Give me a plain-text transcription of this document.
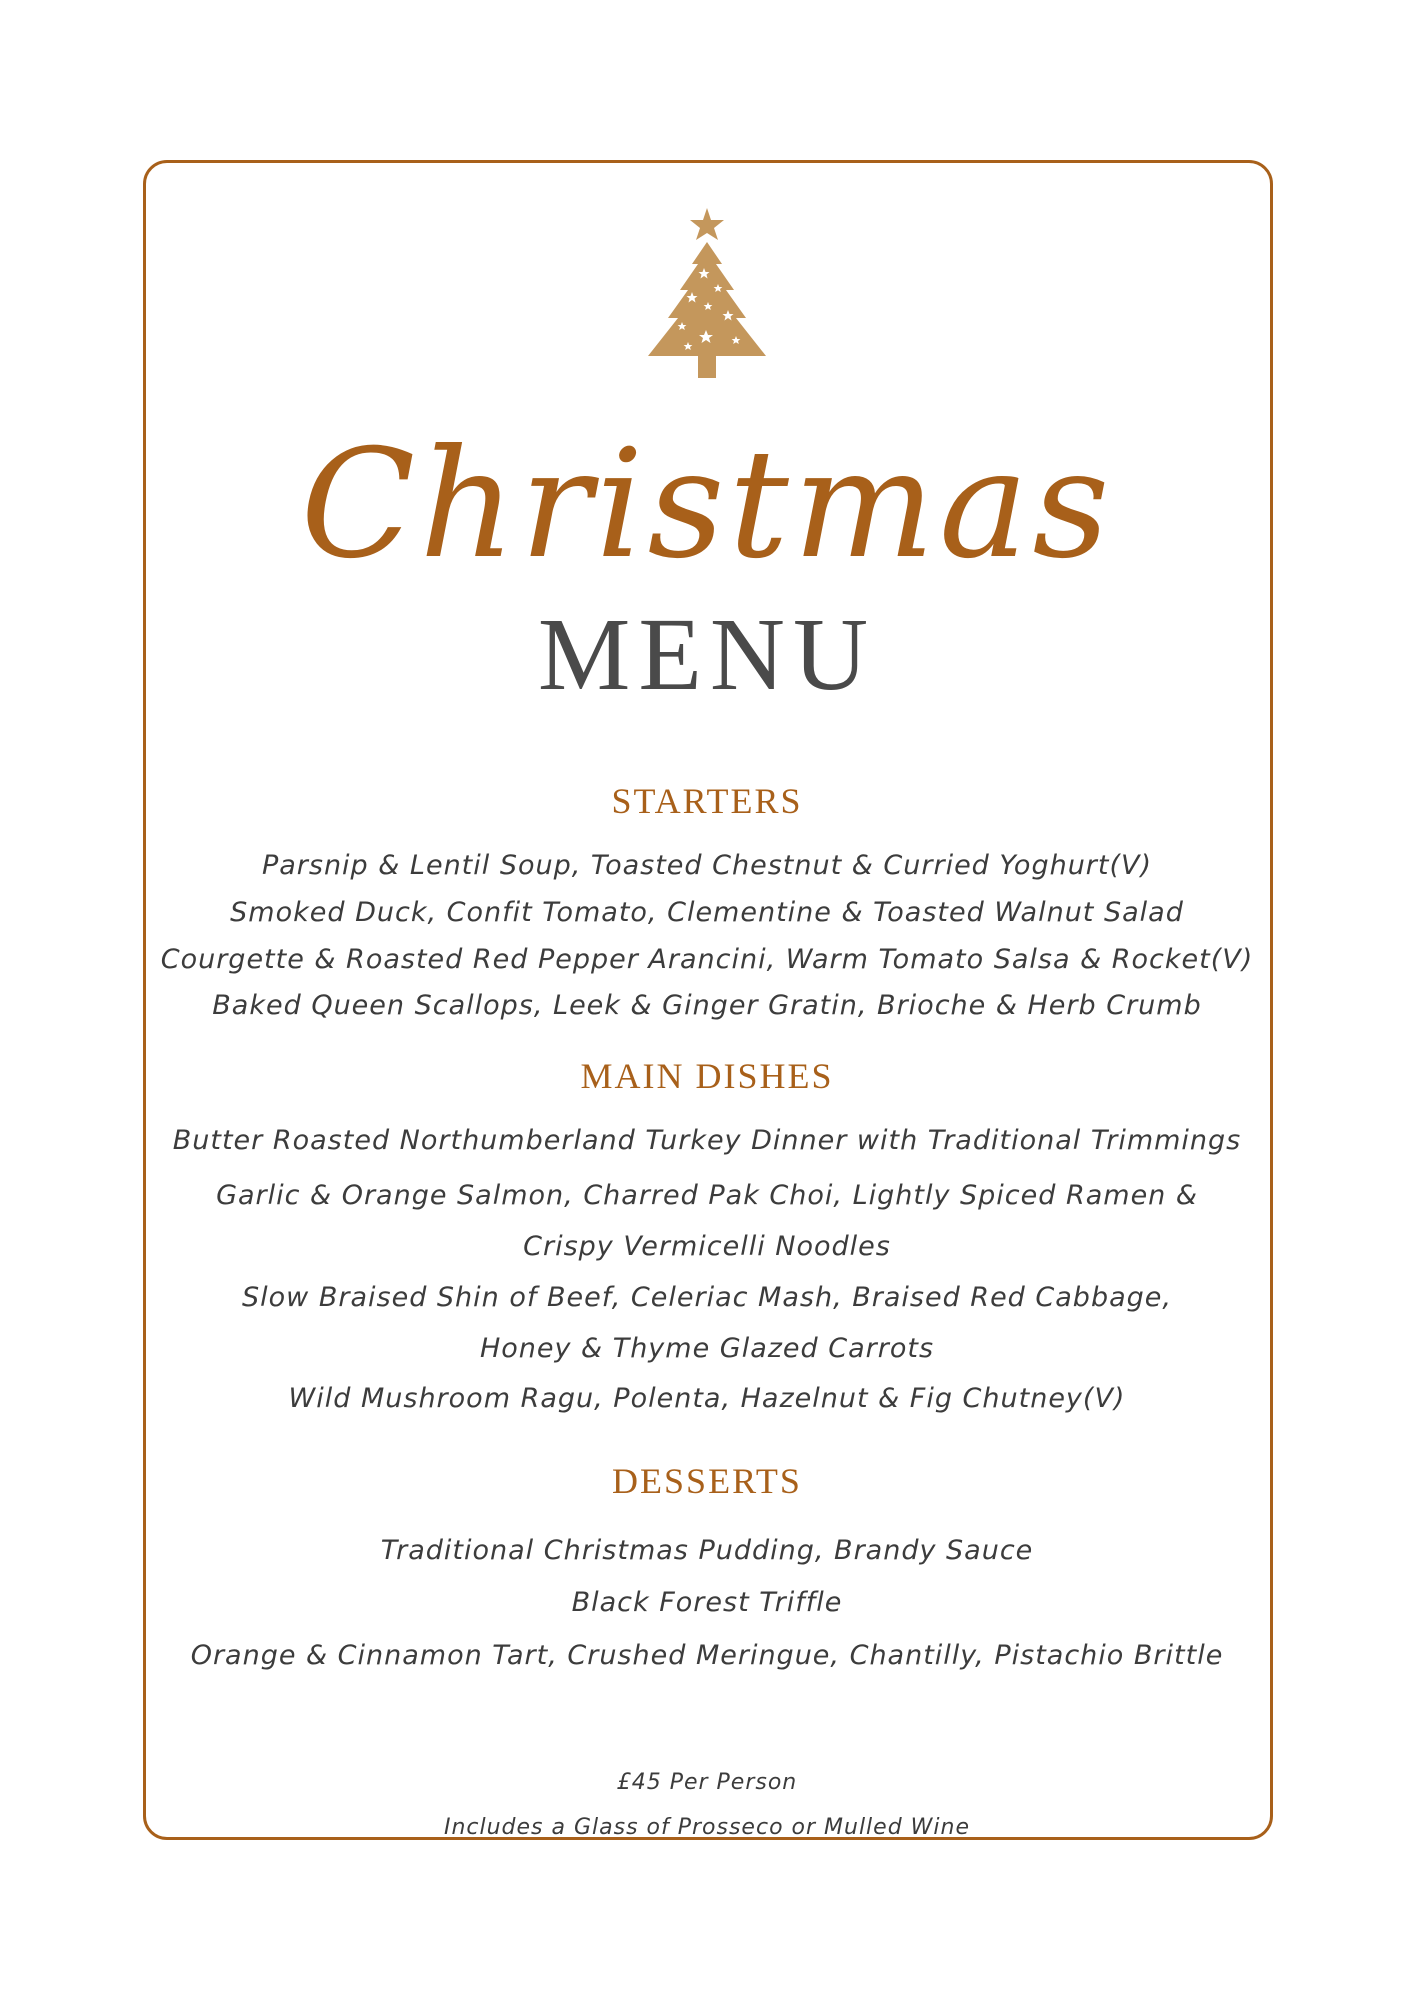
Christmas
MENU
STARTERS
Parsnip & Lentil Soup, Toasted Chestnut & Curried Yoghurt(V)
Smoked Duck, Confit Tomato, Clementine & Toasted Walnut Salad
Courgette & Roasted Red Pepper Arancini, Warm Tomato Salsa & Rocket(V)
Baked Queen Scallops, Leek & Ginger Gratin, Brioche & Herb Crumb
MAIN DISHES
Butter Roasted Northumberland Turkey Dinner with Traditional Trimmings
Garlic & Orange Salmon, Charred Pak Choi, Lightly Spiced Ramen &
Crispy Vermicelli Noodles
Slow Braised Shin of Beef, Celeriac Mash, Braised Red Cabbage,
Honey & Thyme Glazed Carrots
Wild Mushroom Ragu, Polenta, Hazelnut & Fig Chutney(V)
DESSERTS
Traditional Christmas Pudding, Brandy Sauce
Black Forest Triffle
Orange & Cinnamon Tart, Crushed Meringue, Chantilly, Pistachio Brittle
£45 Per Person
Includes a Glass of Prosseco or Mulled Wine
